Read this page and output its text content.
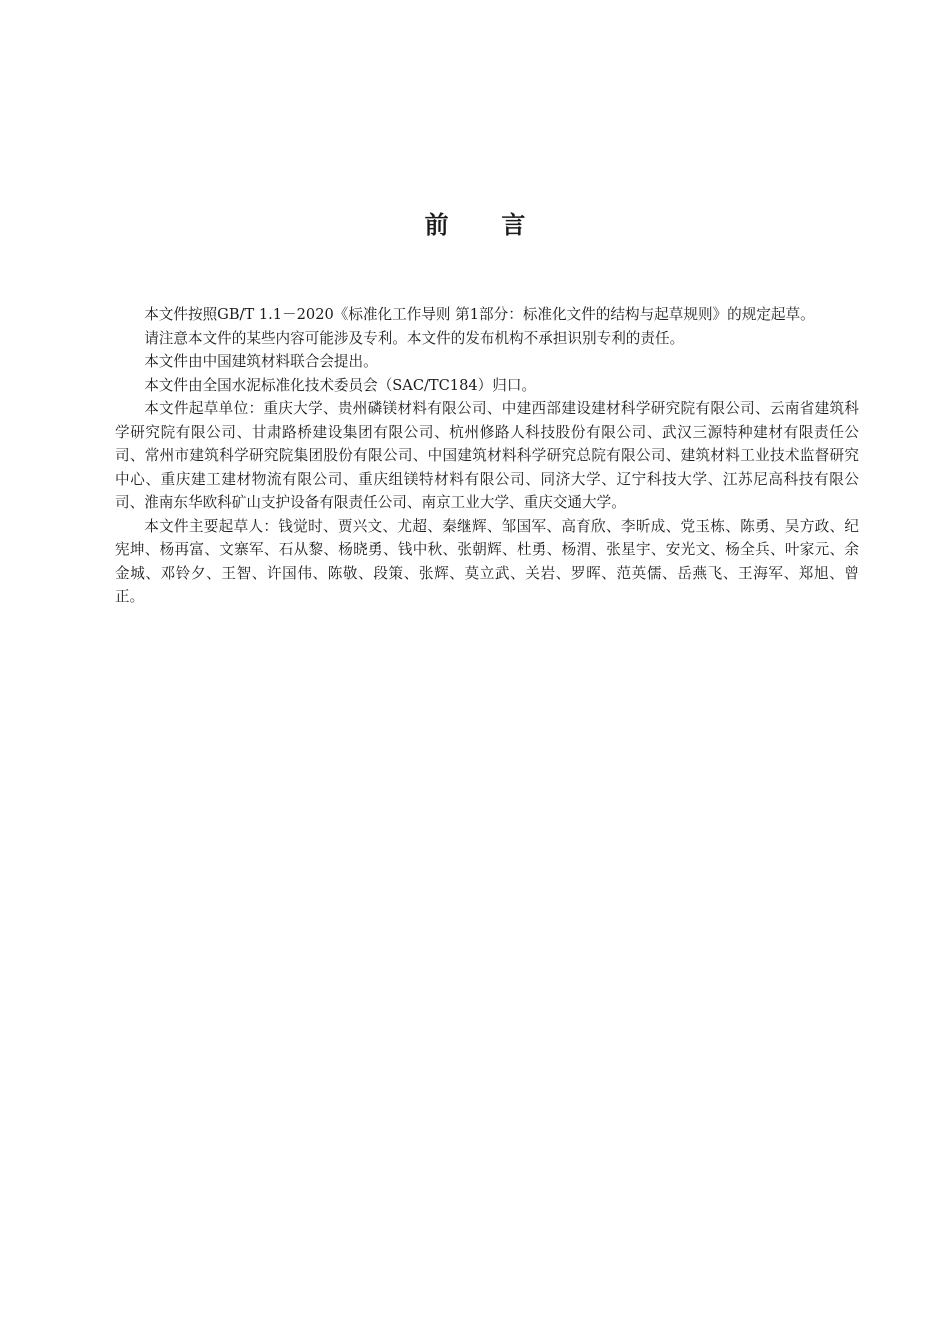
前言

本文件按照GB/T 1.1－2020《标准化工作导则 第1部分：标准化文件的结构与起草规则》的规定起草。

请注意本文件的某些内容可能涉及专利。本文件的发布机构不承担识别专利的责任。

本文件由中国建筑材料联合会提出。

本文件由全国水泥标准化技术委员会（SAC/TC184）归口。

本文件起草单位：重庆大学、贵州磷镁材料有限公司、中建西部建设建材科学研究院有限公司、云南省建筑科学研究院有限公司、甘肃路桥建设集团有限公司、杭州修路人科技股份有限公司、武汉三源特种建材有限责任公司、常州市建筑科学研究院集团股份有限公司、中国建筑材料科学研究总院有限公司、建筑材料工业技术监督研究中心、重庆建工建材物流有限公司、重庆组镁特材料有限公司、同济大学、辽宁科技大学、江苏尼高科技有限公司、淮南东华欧科矿山支护设备有限责任公司、南京工业大学、重庆交通大学。

本文件主要起草人：钱觉时、贾兴文、尤超、秦继辉、邹国军、高育欣、李昕成、党玉栋、陈勇、吴方政、纪宪坤、杨再富、文寨军、石从黎、杨晓勇、钱中秋、张朝辉、杜勇、杨渭、张星宇、安光文、杨全兵、叶家元、余金城、邓铃夕、王智、许国伟、陈敬、段策、张辉、莫立武、关岩、罗晖、范英儒、岳燕飞、王海军、郑旭、曾正。
